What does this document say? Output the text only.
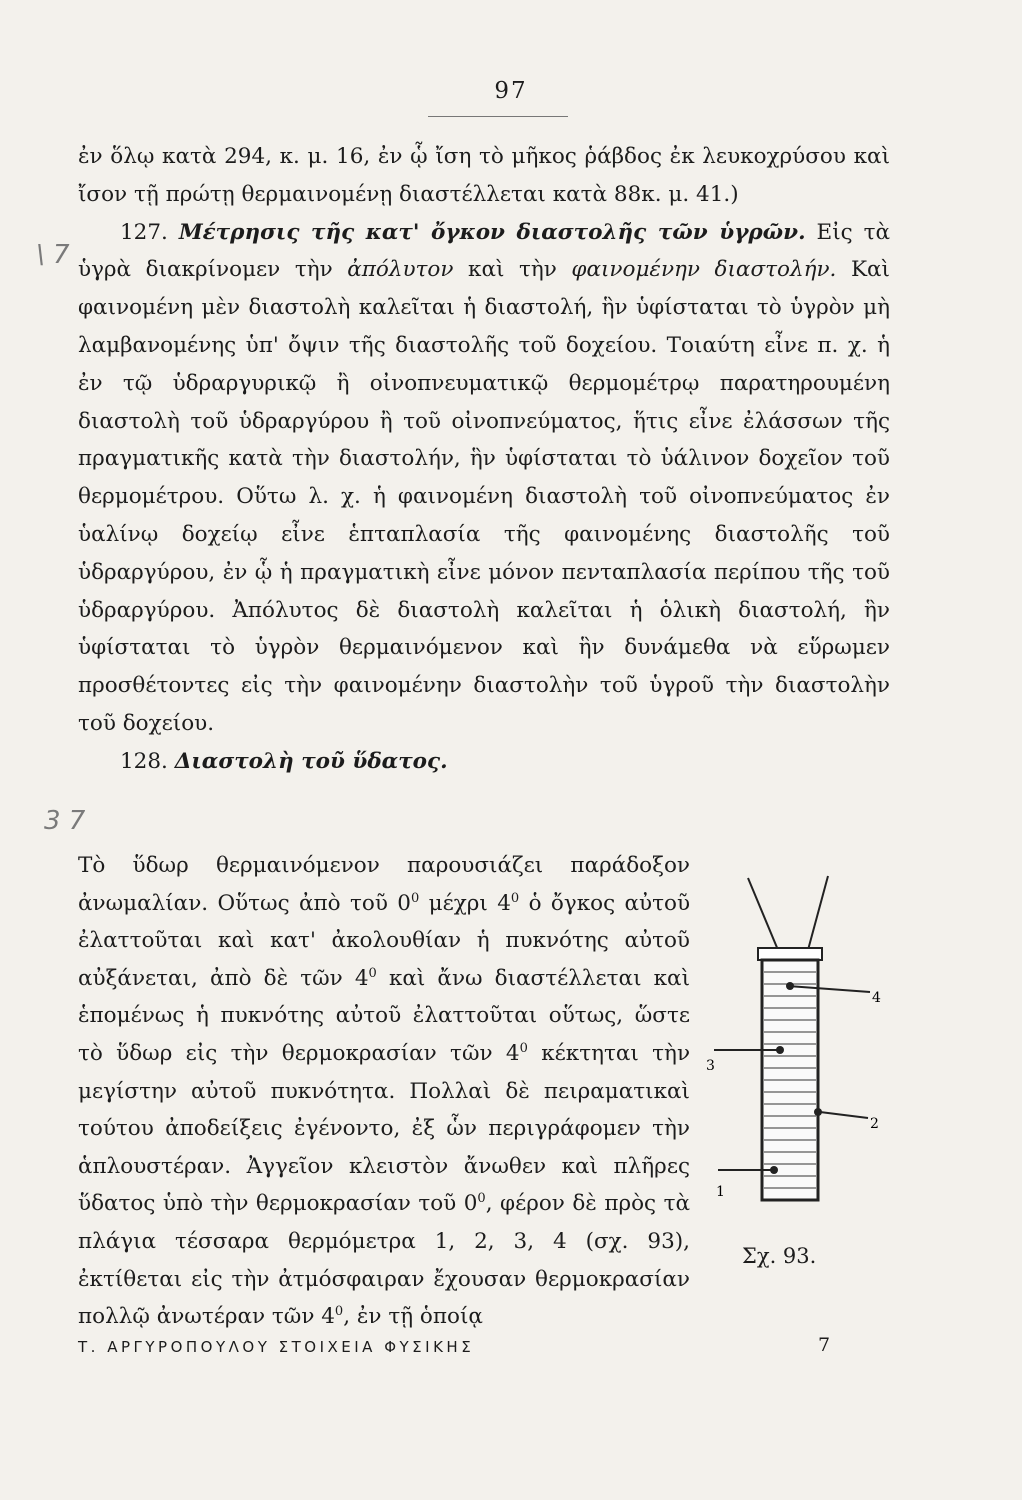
97
\ 7
3 7

ἐν ὅλῳ κατὰ 294, κ. μ. 16, ἐν ᾧ ἴση τὸ μῆκος ῥάβδος ἐκ λευκοχρύσου καὶ ἴσον τῇ πρώτῃ θερμαινομένῃ διαστέλλεται κατὰ 88κ. μ. 41.)

127. Μέτρησις τῆς κατ' ὄγκον διαστολῆς τῶν ὑγρῶν. Εἰς τὰ ὑγρὰ διακρίνομεν τὴν ἀπόλυτον καὶ τὴν φαινομένην διαστολήν. Καὶ φαινομένη μὲν διαστολὴ καλεῖται ἡ διαστολή, ἣν ὑφίσταται τὸ ὑγρὸν μὴ λαμβανομένης ὑπ' ὄψιν τῆς διαστολῆς τοῦ δοχείου. Τοιαύτη εἶνε π. χ. ἡ ἐν τῷ ὑδραργυρικῷ ἢ οἰνοπνευματικῷ θερμομέτρῳ παρατηρουμένη διαστολὴ τοῦ ὑδραργύρου ἢ τοῦ οἰνοπνεύματος, ἥτις εἶνε ἐλάσσων τῆς πραγματικῆς κατὰ τὴν διαστολήν, ἣν ὑφίσταται τὸ ὑάλινον δοχεῖον τοῦ θερμομέτρου. Οὕτω λ. χ. ἡ φαινομένη διαστολὴ τοῦ οἰνοπνεύματος ἐν ὑαλίνῳ δοχείῳ εἶνε ἑπταπλασία τῆς φαινομένης διαστολῆς τοῦ ὑδραργύρου, ἐν ᾧ ἡ πραγματικὴ εἶνε μόνον πενταπλασία περίπου τῆς τοῦ ὑδραργύρου. Ἀπόλυτος δὲ διαστολὴ καλεῖται ἡ ὁλικὴ διαστολή, ἣν ὑφίσταται τὸ ὑγρὸν θερμαινόμενον καὶ ἣν δυνάμεθα νὰ εὕρωμεν προσθέτοντες εἰς τὴν φαινομένην διαστολὴν τοῦ ὑγροῦ τὴν διαστολὴν τοῦ δοχείου.

128. Διαστολὴ τοῦ ὕδατος.

Τὸ ὕδωρ θερμαινόμενον παρουσιάζει παράδοξον ἀνωμαλίαν. Οὕτως ἀπὸ τοῦ $0^0$ μέχρι $4^0$ ὁ ὄγκος αὐτοῦ ἐλαττοῦται καὶ κατ' ἀκολουθίαν ἡ πυκνότης αὐτοῦ αὐξάνεται, ἀπὸ δὲ τῶν $4^0$ καὶ ἄνω διαστέλλεται καὶ ἑπομένως ἡ πυκνότης αὐτοῦ ἐλαττοῦται οὕτως, ὥστε τὸ ὕδωρ εἰς τὴν θερμοκρασίαν τῶν $4^0$ κέκτηται τὴν μεγίστην αὐτοῦ πυκνότητα. Πολλαὶ δὲ πειραματικαὶ τούτου ἀποδείξεις ἐγένοντο, ἐξ ὧν περιγράφομεν τὴν ἁπλουστέραν. Ἀγγεῖον κλειστὸν ἄνωθεν καὶ πλῆρες ὕδατος ὑπὸ τὴν θερμοκρασίαν τοῦ $0^0$, φέρον δὲ πρὸς τὰ πλάγια τέσσαρα θερμόμετρα 1, 2, 3, 4 (σχ. 93), ἐκτίθεται εἰς τὴν ἀτμόσφαιραν ἔχουσαν θερμοκρασίαν πολλῷ ἀνωτέραν τῶν $4^0$, ἐν τῇ ὁποίᾳ

4
3
2
1
Σχ. 93.
Τ. ΑΡΓΥΡΟΠΟΥΛΟΥ ΣΤΟΙΧΕΙΑ ΦΥΣΙΚΗΣ	7
